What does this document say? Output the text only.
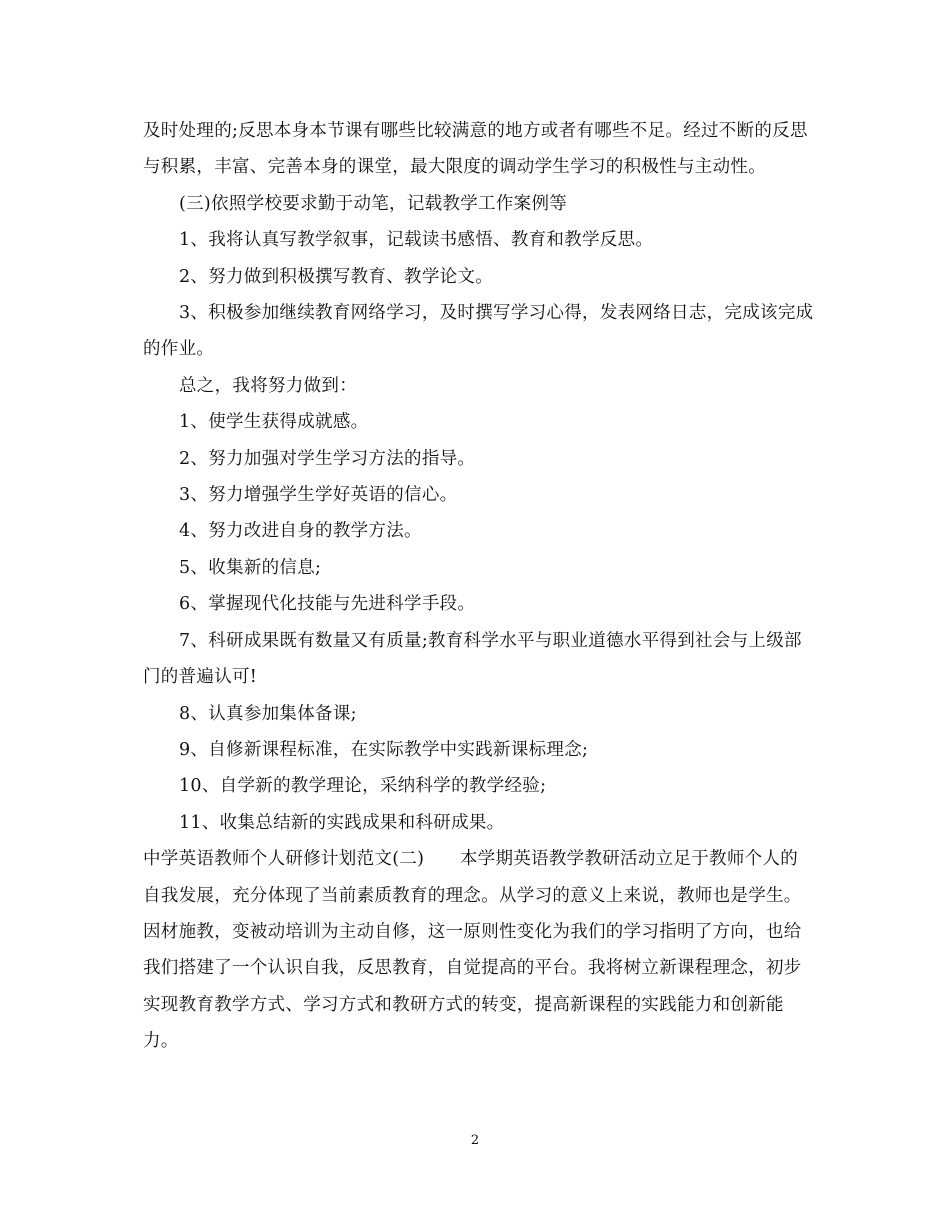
及时处理的;反思本身本节课有哪些比较满意的地方或者有哪些不足。经过不断的反思与积累，丰富、完善本身的课堂，最大限度的调动学生学习的积极性与主动性。

(三)依照学校要求勤于动笔，记载教学工作案例等

1、我将认真写教学叙事，记载读书感悟、教育和教学反思。

2、努力做到积极撰写教育、教学论文。

3、积极参加继续教育网络学习，及时撰写学习心得，发表网络日志，完成该完成的作业。

总之，我将努力做到：

1、使学生获得成就感。

2、努力加强对学生学习方法的指导。

3、努力增强学生学好英语的信心。

4、努力改进自身的教学方法。

5、收集新的信息;

6、掌握现代化技能与先进科学手段。

7、科研成果既有数量又有质量;教育科学水平与职业道德水平得到社会与上级部门的普遍认可!

8、认真参加集体备课;

9、自修新课程标准，在实际教学中实践新课标理念;

10、自学新的教学理论，采纳科学的教学经验;

11、收集总结新的实践成果和科研成果。

中学英语教师个人研修计划范文(二)　　本学期英语教学教研活动立足于教师个人的自我发展，充分体现了当前素质教育的理念。从学习的意义上来说，教师也是学生。因材施教，变被动培训为主动自修，这一原则性变化为我们的学习指明了方向，也给我们搭建了一个认识自我，反思教育，自觉提高的平台。我将树立新课程理念，初步实现教育教学方式、学习方式和教研方式的转变，提高新课程的实践能力和创新能力。

2
